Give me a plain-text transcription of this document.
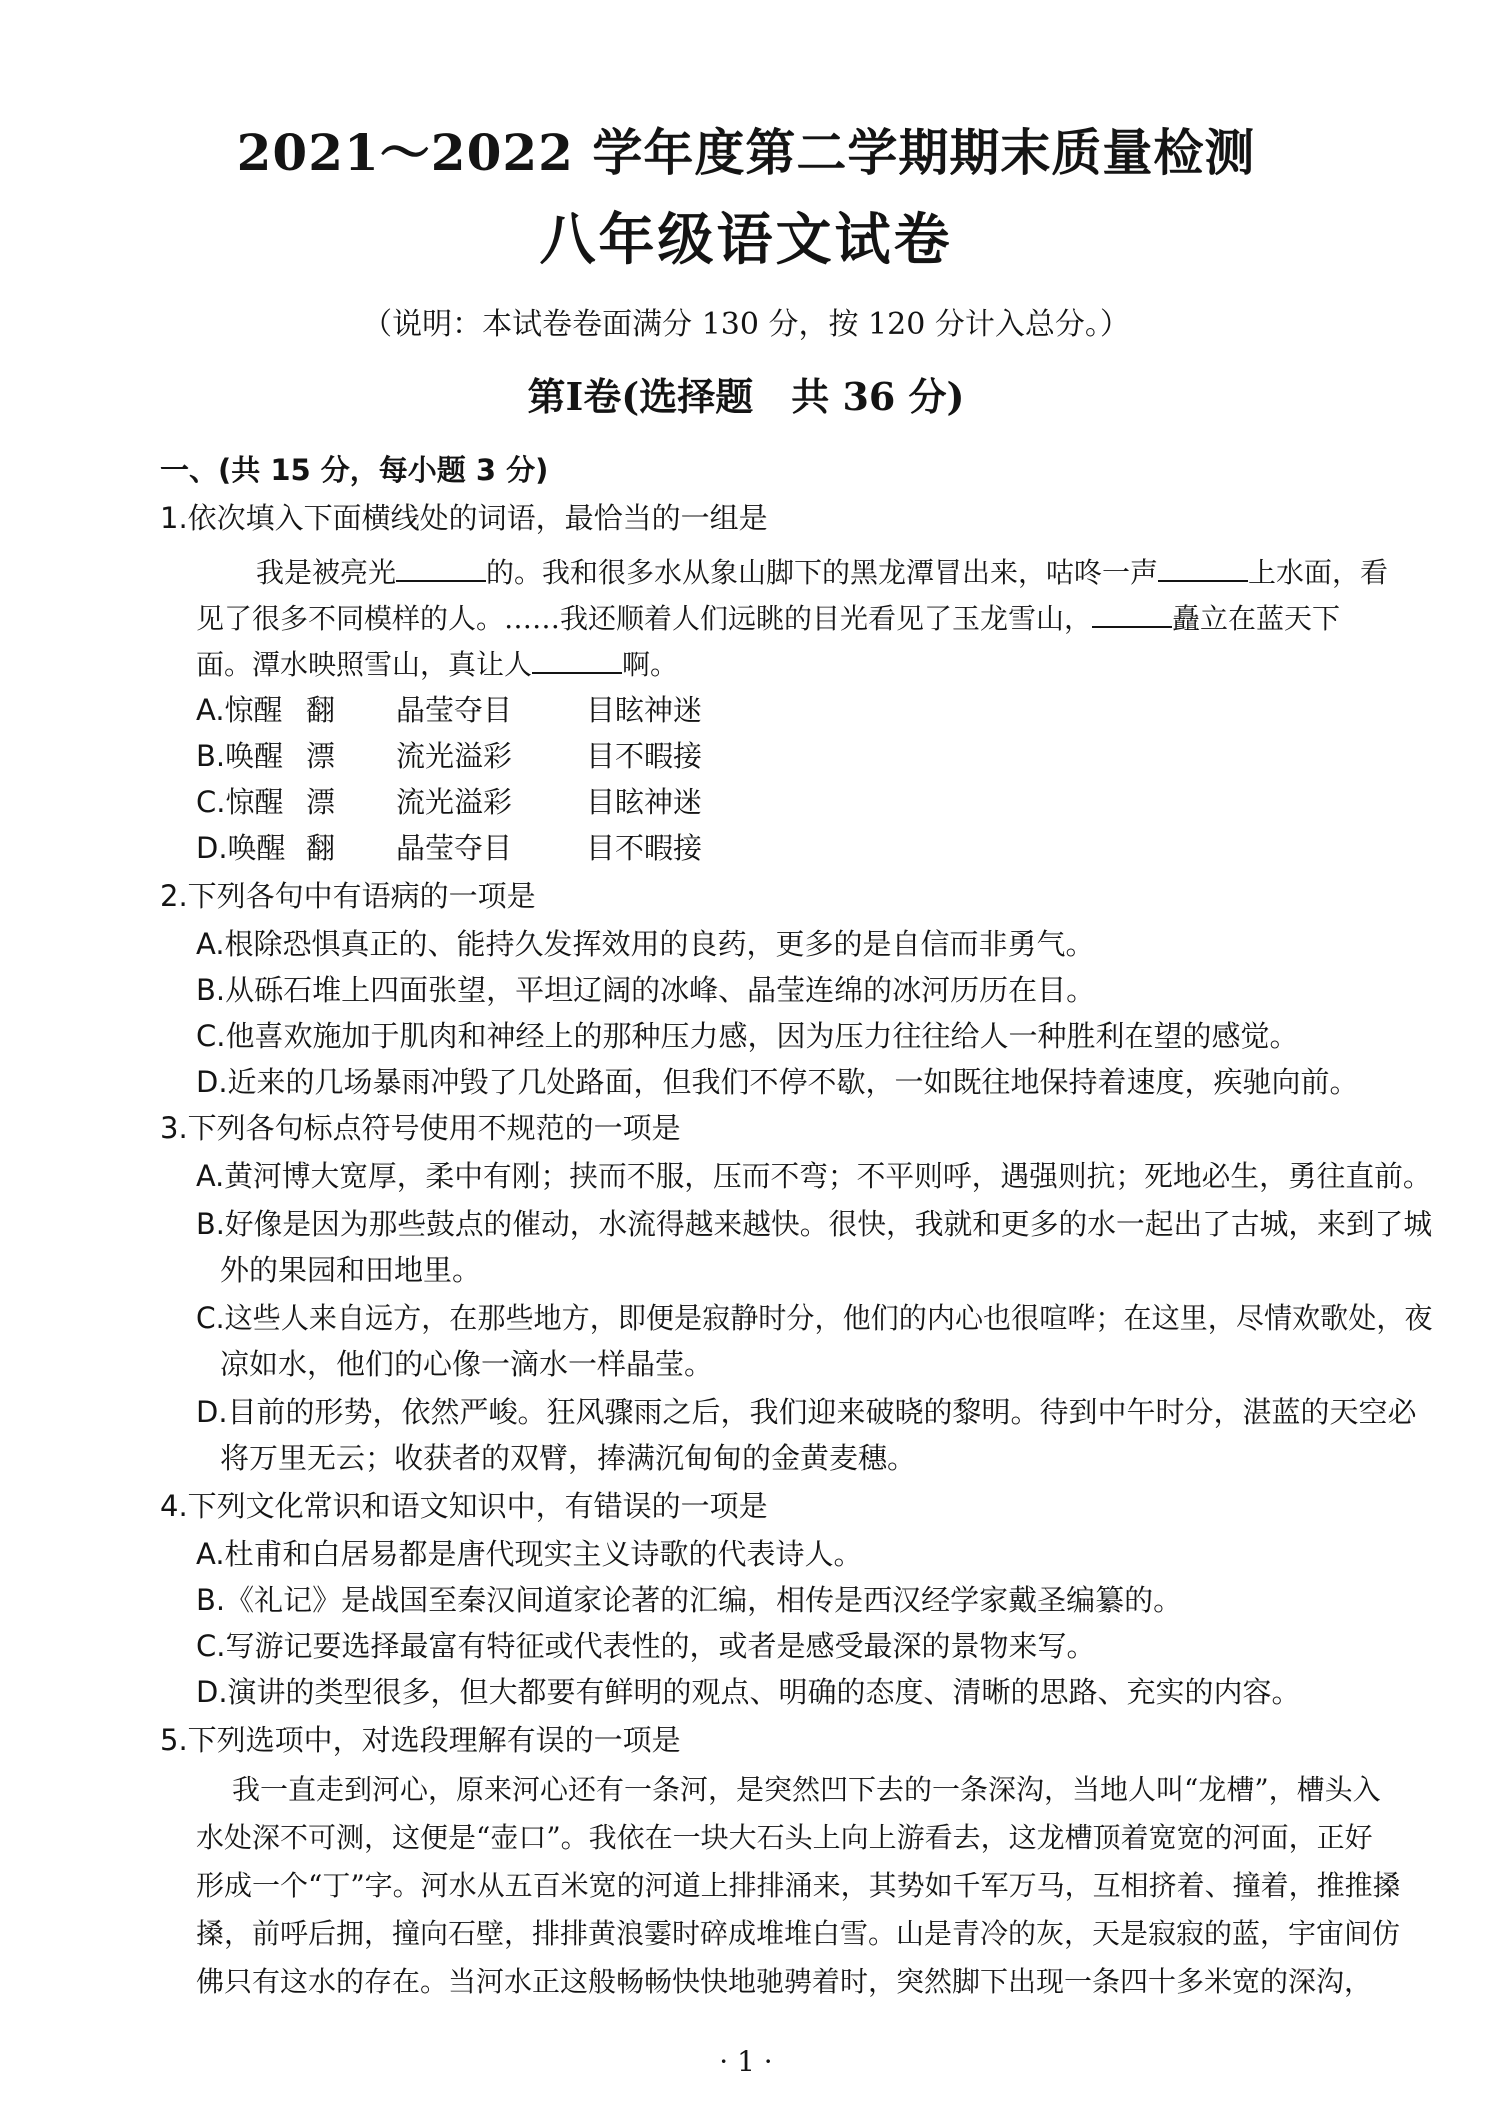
2021～2022 学年度第二学期期末质量检测
八年级语文试卷
（说明：本试卷卷面满分 130 分，按 120 分计入总分。）
第Ⅰ卷(选择题　共 36 分)
一、(共 15 分，每小题 3 分)
1.依次填入下面横线处的词语，最恰当的一组是
我是被亮光	的。我和很多水从象山脚下的黑龙潭冒出来，咕咚一声	上水面，看
见了很多不同模样的人。……我还顺着人们远眺的目光看见了玉龙雪山，	矗立在蓝天下
面。潭水映照雪山，真让人	啊。
A.惊醒 翻 晶莹夺目	目眩神迷
B.唤醒 漂 流光溢彩	目不暇接
C.惊醒 漂 流光溢彩	目眩神迷
D.唤醒 翻 晶莹夺目	目不暇接
2.下列各句中有语病的一项是
A.根除恐惧真正的、能持久发挥效用的良药，更多的是自信而非勇气。
B.从砾石堆上四面张望，平坦辽阔的冰峰、晶莹连绵的冰河历历在目。
C.他喜欢施加于肌肉和神经上的那种压力感，因为压力往往给人一种胜利在望的感觉。
D.近来的几场暴雨冲毁了几处路面，但我们不停不歇，一如既往地保持着速度，疾驰向前。
3.下列各句标点符号使用不规范的一项是
A.黄河博大宽厚，柔中有刚；挟而不服，压而不弯；不平则呼，遇强则抗；死地必生，勇往直前。
B.好像是因为那些鼓点的催动，水流得越来越快。很快，我就和更多的水一起出了古城，来到了城
外的果园和田地里。
C.这些人来自远方，在那些地方，即便是寂静时分，他们的内心也很喧哗；在这里，尽情欢歌处，夜
凉如水，他们的心像一滴水一样晶莹。
D.目前的形势，依然严峻。狂风骤雨之后，我们迎来破晓的黎明。待到中午时分，湛蓝的天空必
将万里无云；收获者的双臂，捧满沉甸甸的金黄麦穗。
4.下列文化常识和语文知识中，有错误的一项是
A.杜甫和白居易都是唐代现实主义诗歌的代表诗人。
B.《礼记》是战国至秦汉间道家论著的汇编，相传是西汉经学家戴圣编纂的。
C.写游记要选择最富有特征或代表性的，或者是感受最深的景物来写。
D.演讲的类型很多，但大都要有鲜明的观点、明确的态度、清晰的思路、充实的内容。
5.下列选项中，对选段理解有误的一项是
我一直走到河心，原来河心还有一条河，是突然凹下去的一条深沟，当地人叫“龙槽”，槽头入
水处深不可测，这便是“壶口”。我依在一块大石头上向上游看去，这龙槽顶着宽宽的河面，正好
形成一个“丁”字。河水从五百米宽的河道上排排涌来，其势如千军万马，互相挤着、撞着，推推搡
搡，前呼后拥，撞向石壁，排排黄浪霎时碎成堆堆白雪。山是青冷的灰，天是寂寂的蓝，宇宙间仿
佛只有这水的存在。当河水正这般畅畅快快地驰骋着时，突然脚下出现一条四十多米宽的深沟，
· 1 ·
